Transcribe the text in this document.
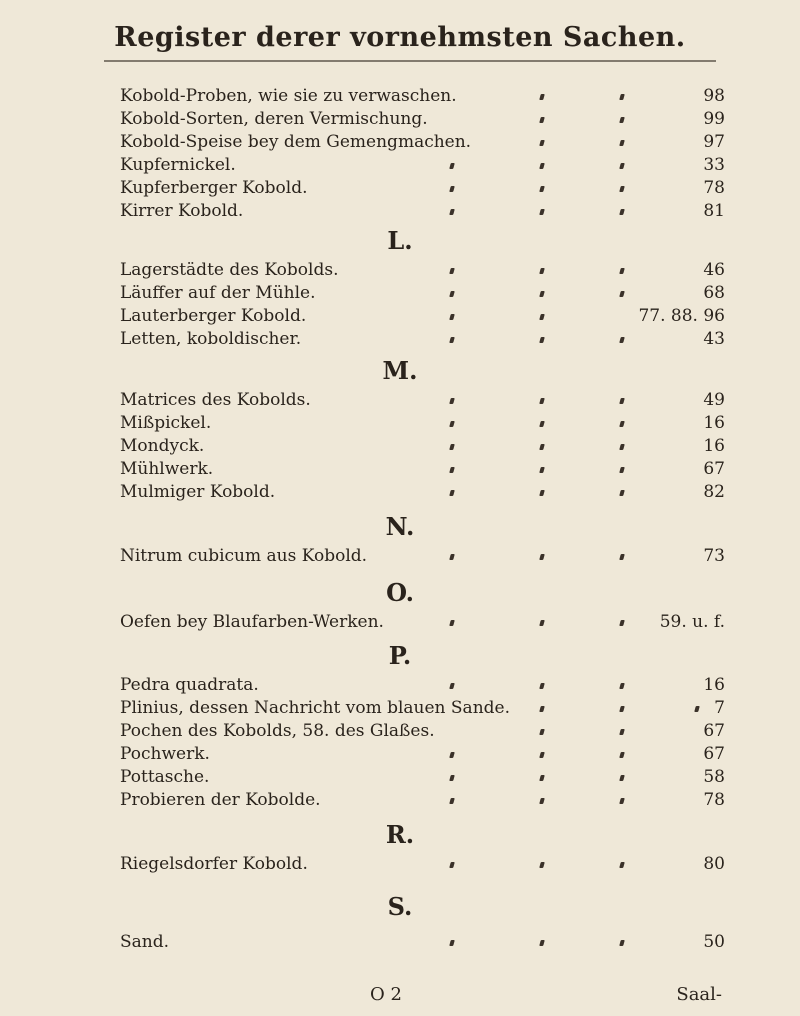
Register derer vornehmsten Sachen.
Kobold-Proben, wie sie zu verwaschen.	98
Kobold-Sorten, deren Vermischung.	99
Kobold-Speise bey dem Gemengmachen.	97
Kupfernickel.	33
Kupferberger Kobold.	78
Kirrer Kobold.	81
L.
Lagerstädte des Kobolds.	46
Läuffer auf der Mühle.	68
Lauterberger Kobold.	77. 88. 96
Letten, koboldischer.	43
M.
Matrices des Kobolds.	49
Mißpickel.	16
Mondyck.	16
Mühlwerk.	67
Mulmiger Kobold.	82
N.
Nitrum cubicum aus Kobold.	73
O.
Oefen bey Blaufarben-Werken.	59. u. f.
P.
Pedra quadrata.	16
Plinius, dessen Nachricht vom blauen Sande.	7
Pochen des Kobolds, 58. des Glaßes.	67
Pochwerk.	67
Pottasche.	58
Probieren der Kobolde.	78
R.
Riegelsdorfer Kobold.	80
S.
Sand.	50
O 2	Saal-
